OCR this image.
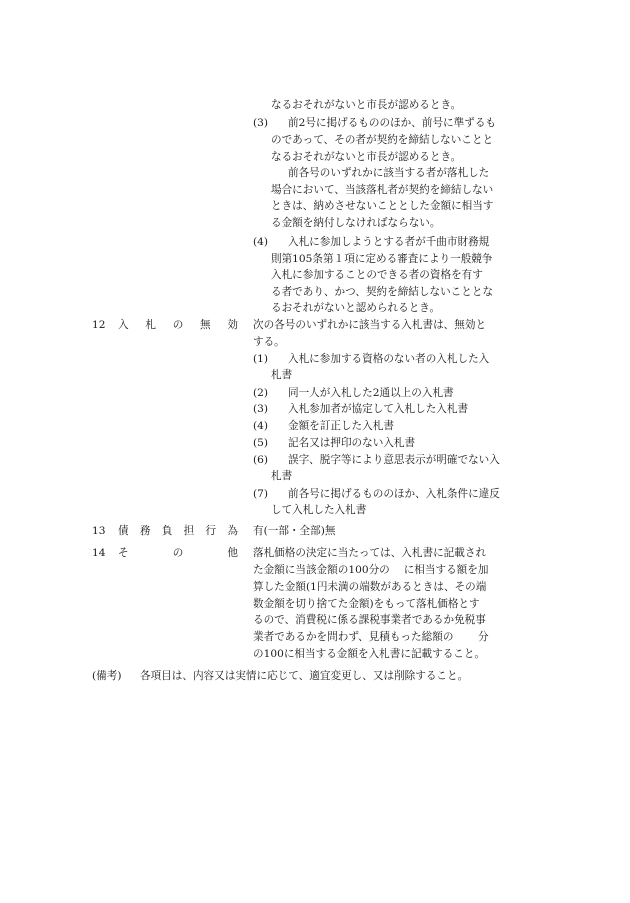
なるおそれがないと市長が認めるとき。
(3) 前2号に掲げるもののほか、前号に準ずるも
のであって、その者が契約を締結しないことと
なるおそれがないと市長が認めるとき。
前各号のいずれかに該当する者が落札した
場合において、当該落札者が契約を締結しない
ときは、納めさせないこととした金額に相当す
る金額を納付しなければならない。
(4) 入札に参加しようとする者が千曲市財務規
則第105条第１項に定める審査により一般競争
入札に参加することのできる者の資格を有す
る者であり、かつ、契約を締結しないこととな
るおそれがないと認められるとき。
12 入札の無効 次の各号のいずれかに該当する入札書は、無効と
する。
(1) 入札に参加する資格のない者の入札した入
札書
(2) 同一人が入札した2通以上の入札書
(3) 入札参加者が協定して入札した入札書
(4) 金額を訂正した入札書
(5) 記名又は押印のない入札書
(6) 誤字、脱字等により意思表示が明確でない入
札書
(7) 前各号に掲げるもののほか、入札条件に違反
して入札した入札書
13 債務負担行為 有(一部・全部)無
14 その他 落札価格の決定に当たっては、入札書に記載され
た金額に当該金額の100分の　 に相当する額を加
算した金額(1円未満の端数があるときは、その端
数金額を切り捨てた金額)をもって落札価格とす
るので、消費税に係る課税事業者であるか免税事
業者であるかを問わず、見積もった総額の　　 分
の100に相当する金額を入札書に記載すること。
(備考) 各項目は、内容又は実情に応じて、適宜変更し、又は削除すること。
